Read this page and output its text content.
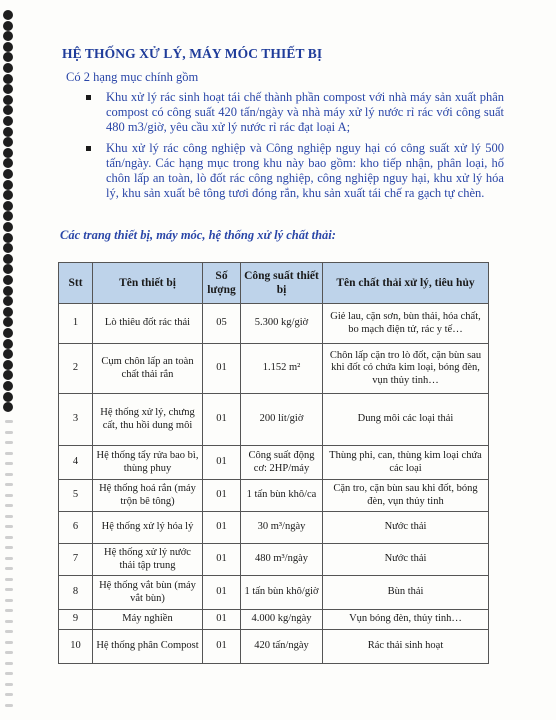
HỆ THỐNG XỬ LÝ, MÁY MÓC THIẾT BỊ
Có 2 hạng mục chính gồm
Khu xử lý rác sinh hoạt tái chế thành phần compost với nhà máy sản xuất phân compost có công suất 420 tấn/ngày và nhà máy xử lý nước rỉ rác với công suất 480 m3/giờ, yêu cầu xử lý nước rỉ rác đạt loại A;
Khu xử lý rác công nghiệp và Công nghiệp nguy hại có công suất xử lý 500 tấn/ngày. Các hạng mục trong khu này bao gồm: kho tiếp nhận, phân loại, hố chôn lấp an toàn, lò đốt rác công nghiệp, công nghiệp nguy hại, khu xử lý hóa lý, khu sản xuất bê tông tươi đóng rắn, khu sản xuất tái chế ra gạch tự chèn.
Các trang thiết bị, máy móc, hệ thống xử lý chất thải:
Stt	Tên thiết bị	Số lượng	Công suất thiết bị	Tên chất thải xử lý, tiêu hủy
1	Lò thiêu đốt rác thải	05	5.300 kg/giờ	Giẻ lau, cặn sơn, bùn thải, hóa chất, bo mạch điện tử, rác y tế…
2	Cụm chôn lấp an toàn chất thải rắn	01	1.152 m²	Chôn lấp cặn tro lò đốt, cặn bùn sau khi đốt có chứa kim loại, bóng đèn, vụn thủy tinh…
3	Hệ thống xử lý, chưng cất, thu hồi dung môi	01	200 lít/giờ	Dung môi các loại thải
4	Hệ thống tẩy rửa bao bì, thùng phuy	01	Công suất động cơ: 2HP/máy	Thùng phi, can, thùng kim loại chứa các loại
5	Hệ thống hoá rắn (máy trộn bê tông)	01	1 tấn bùn khô/ca	Cặn tro, cặn bùn sau khi đốt, bóng đèn, vụn thủy tinh
6	Hệ thống xử lý hóa lý	01	30 m³/ngày	Nước thải
7	Hệ thống xử lý nước thải tập trung	01	480 m³/ngày	Nước thải
8	Hệ thống vắt bùn (máy vắt bùn)	01	1 tấn bùn khô/giờ	Bùn thải
9	Máy nghiền	01	4.000 kg/ngày	Vụn bóng đèn, thủy tinh…
10	Hệ thống phân Compost	01	420 tấn/ngày	Rác thải sinh hoạt
